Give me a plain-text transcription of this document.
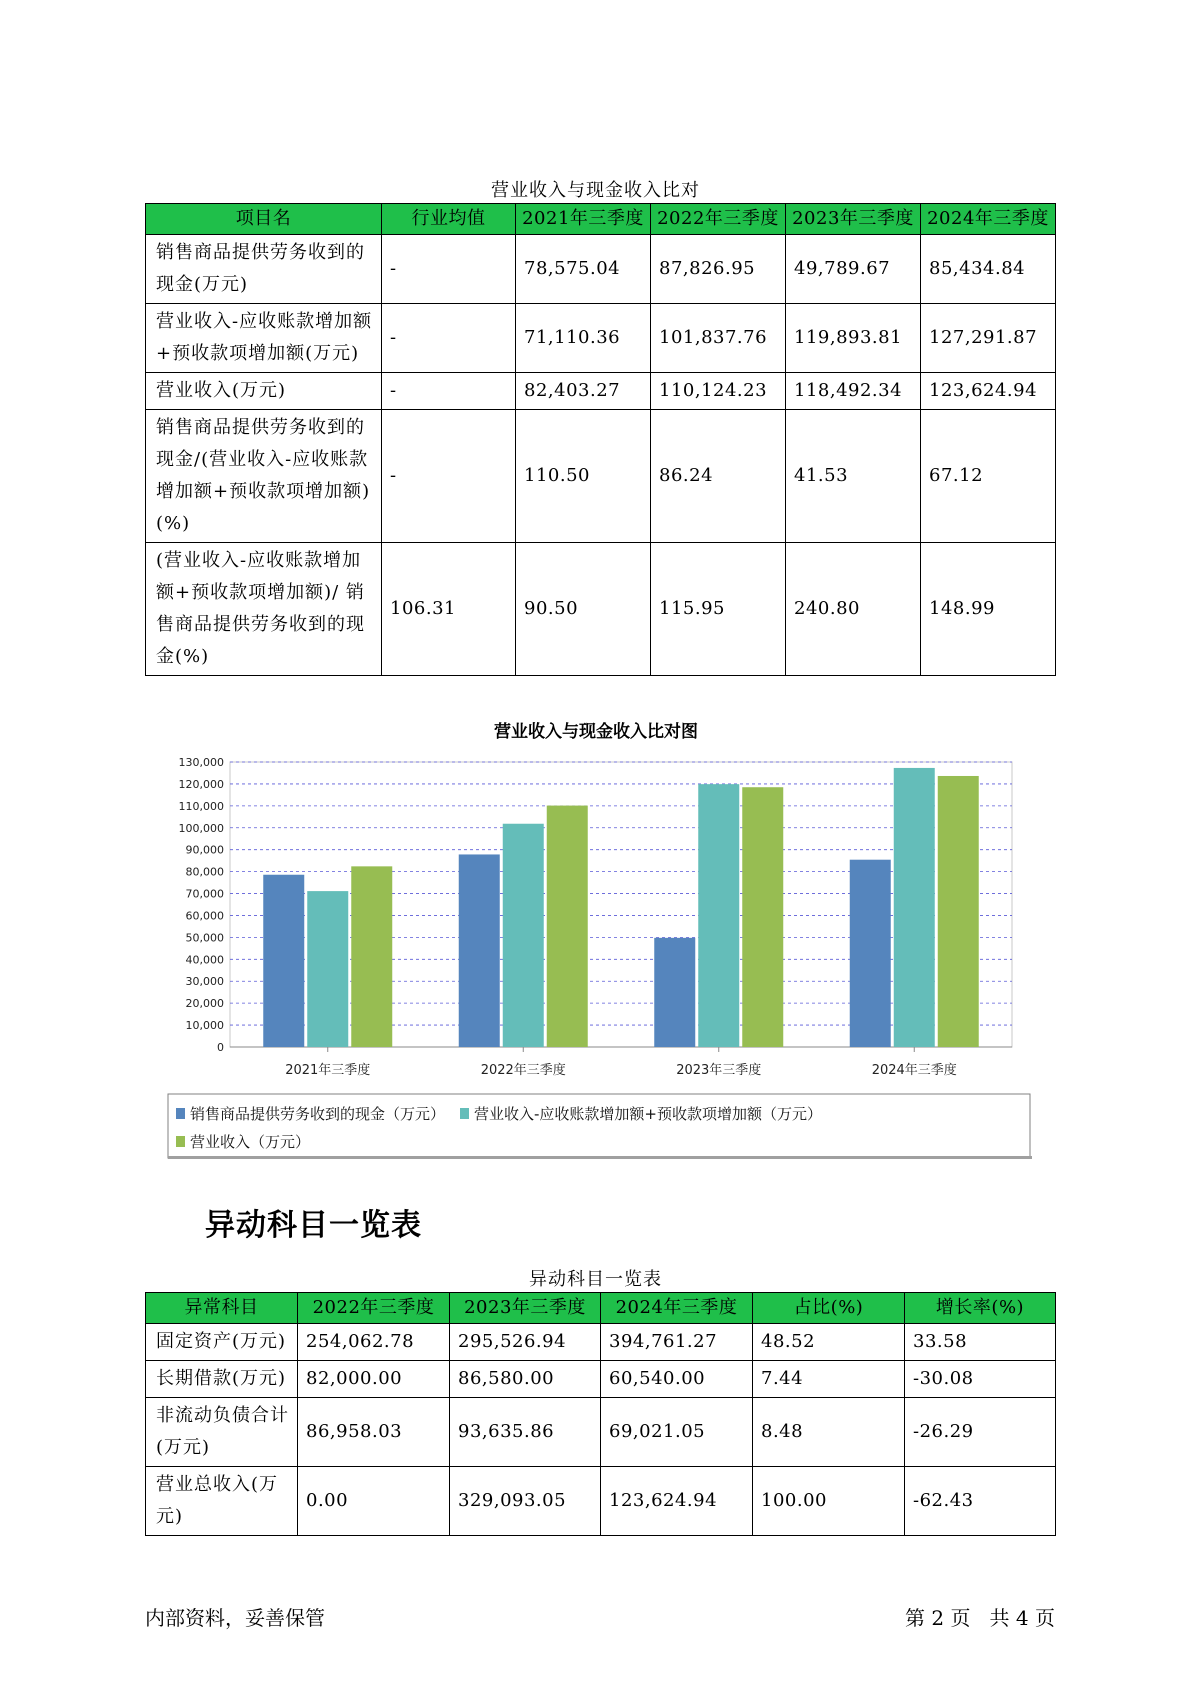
营业收入与现金收入比对
项目名	行业均值	2021年三季度	2022年三季度	2023年三季度	2024年三季度
销售商品提供劳务收到的现金(万元)	-	78,575.04	87,826.95	49,789.67	85,434.84
营业收入-应收账款增加额+预收款项增加额(万元)	-	71,110.36	101,837.76	119,893.81	127,291.87
营业收入(万元)	-	82,403.27	110,124.23	118,492.34	123,624.94
销售商品提供劳务收到的现金/(营业收入-应收账款增加额+预收款项增加额)(%)	-	110.50	86.24	41.53	67.12
(营业收入-应收账款增加额+预收款项增加额)/ 销售商品提供劳务收到的现金(%)	106.31	90.50	115.95	240.80	148.99
营业收入与现金收入比对图
0
10,000
20,000
30,000
40,000
50,000
60,000
70,000
80,000
90,000
100,000
110,000
120,000
130,000
2021年三季度	2022年三季度	2023年三季度	2024年三季度
销售商品提供劳务收到的现金（万元） 营业收入-应收账款增加额+预收款项增加额（万元）
营业收入（万元）
异动科目一览表
异动科目一览表
异常科目	2022年三季度	2023年三季度	2024年三季度	占比(%)	增长率(%)
固定资产(万元)	254,062.78	295,526.94	394,761.27	48.52	33.58
长期借款(万元)	82,000.00	86,580.00	60,540.00	7.44	-30.08
非流动负债合计(万元)	86,958.03	93,635.86	69,021.05	8.48	-26.29
营业总收入(万元)	0.00	329,093.05	123,624.94	100.00	-62.43
内部资料，妥善保管	第 2 页   共 4 页
